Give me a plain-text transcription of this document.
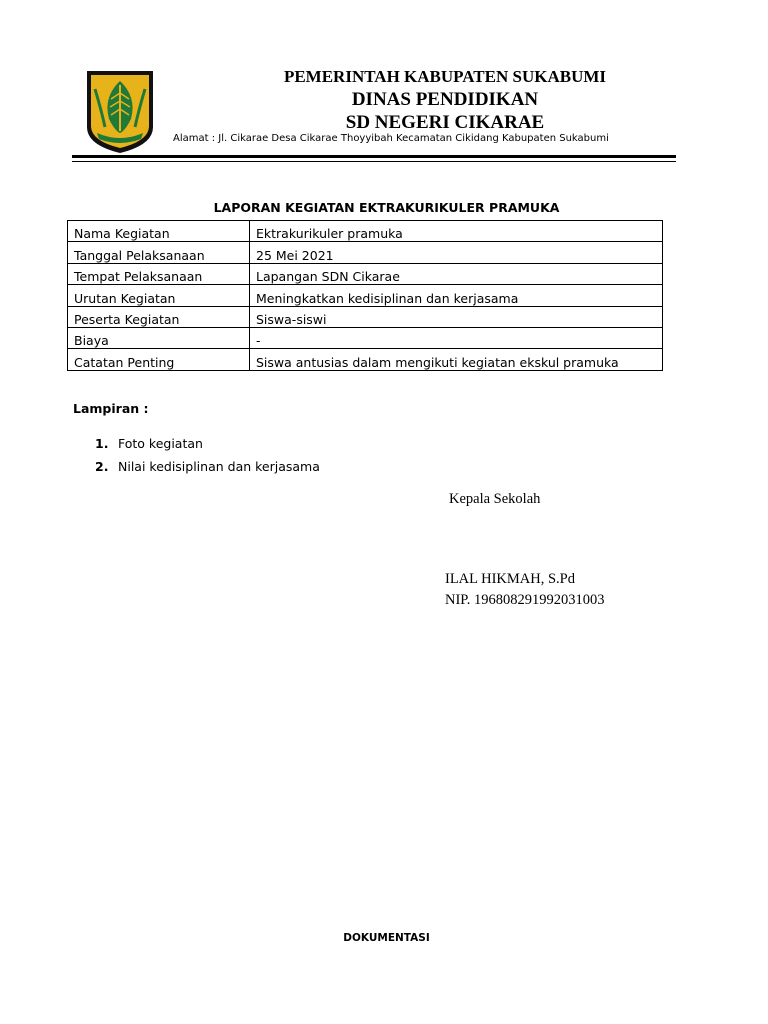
PEMERINTAH KABUPATEN SUKABUMI
DINAS PENDIDIKAN
SD NEGERI CIKARAE
Alamat : Jl. Cikarae Desa Cikarae Thoyyibah Kecamatan Cikidang Kabupaten Sukabumi
LAPORAN KEGIATAN EKTRAKURIKULER PRAMUKA
Nama Kegiatan	Ektrakurikuler pramuka
Tanggal Pelaksanaan	25 Mei 2021
Tempat Pelaksanaan	Lapangan SDN Cikarae
Urutan Kegiatan	Meningkatkan kedisiplinan dan kerjasama
Peserta Kegiatan	Siswa-siswi
Biaya	-
Catatan Penting	Siswa antusias dalam mengikuti kegiatan ekskul pramuka
Lampiran :
1. Foto kegiatan
2. Nilai kedisiplinan dan kerjasama
Kepala Sekolah
ILAL HIKMAH, S.Pd
NIP. 196808291992031003
DOKUMENTASI
